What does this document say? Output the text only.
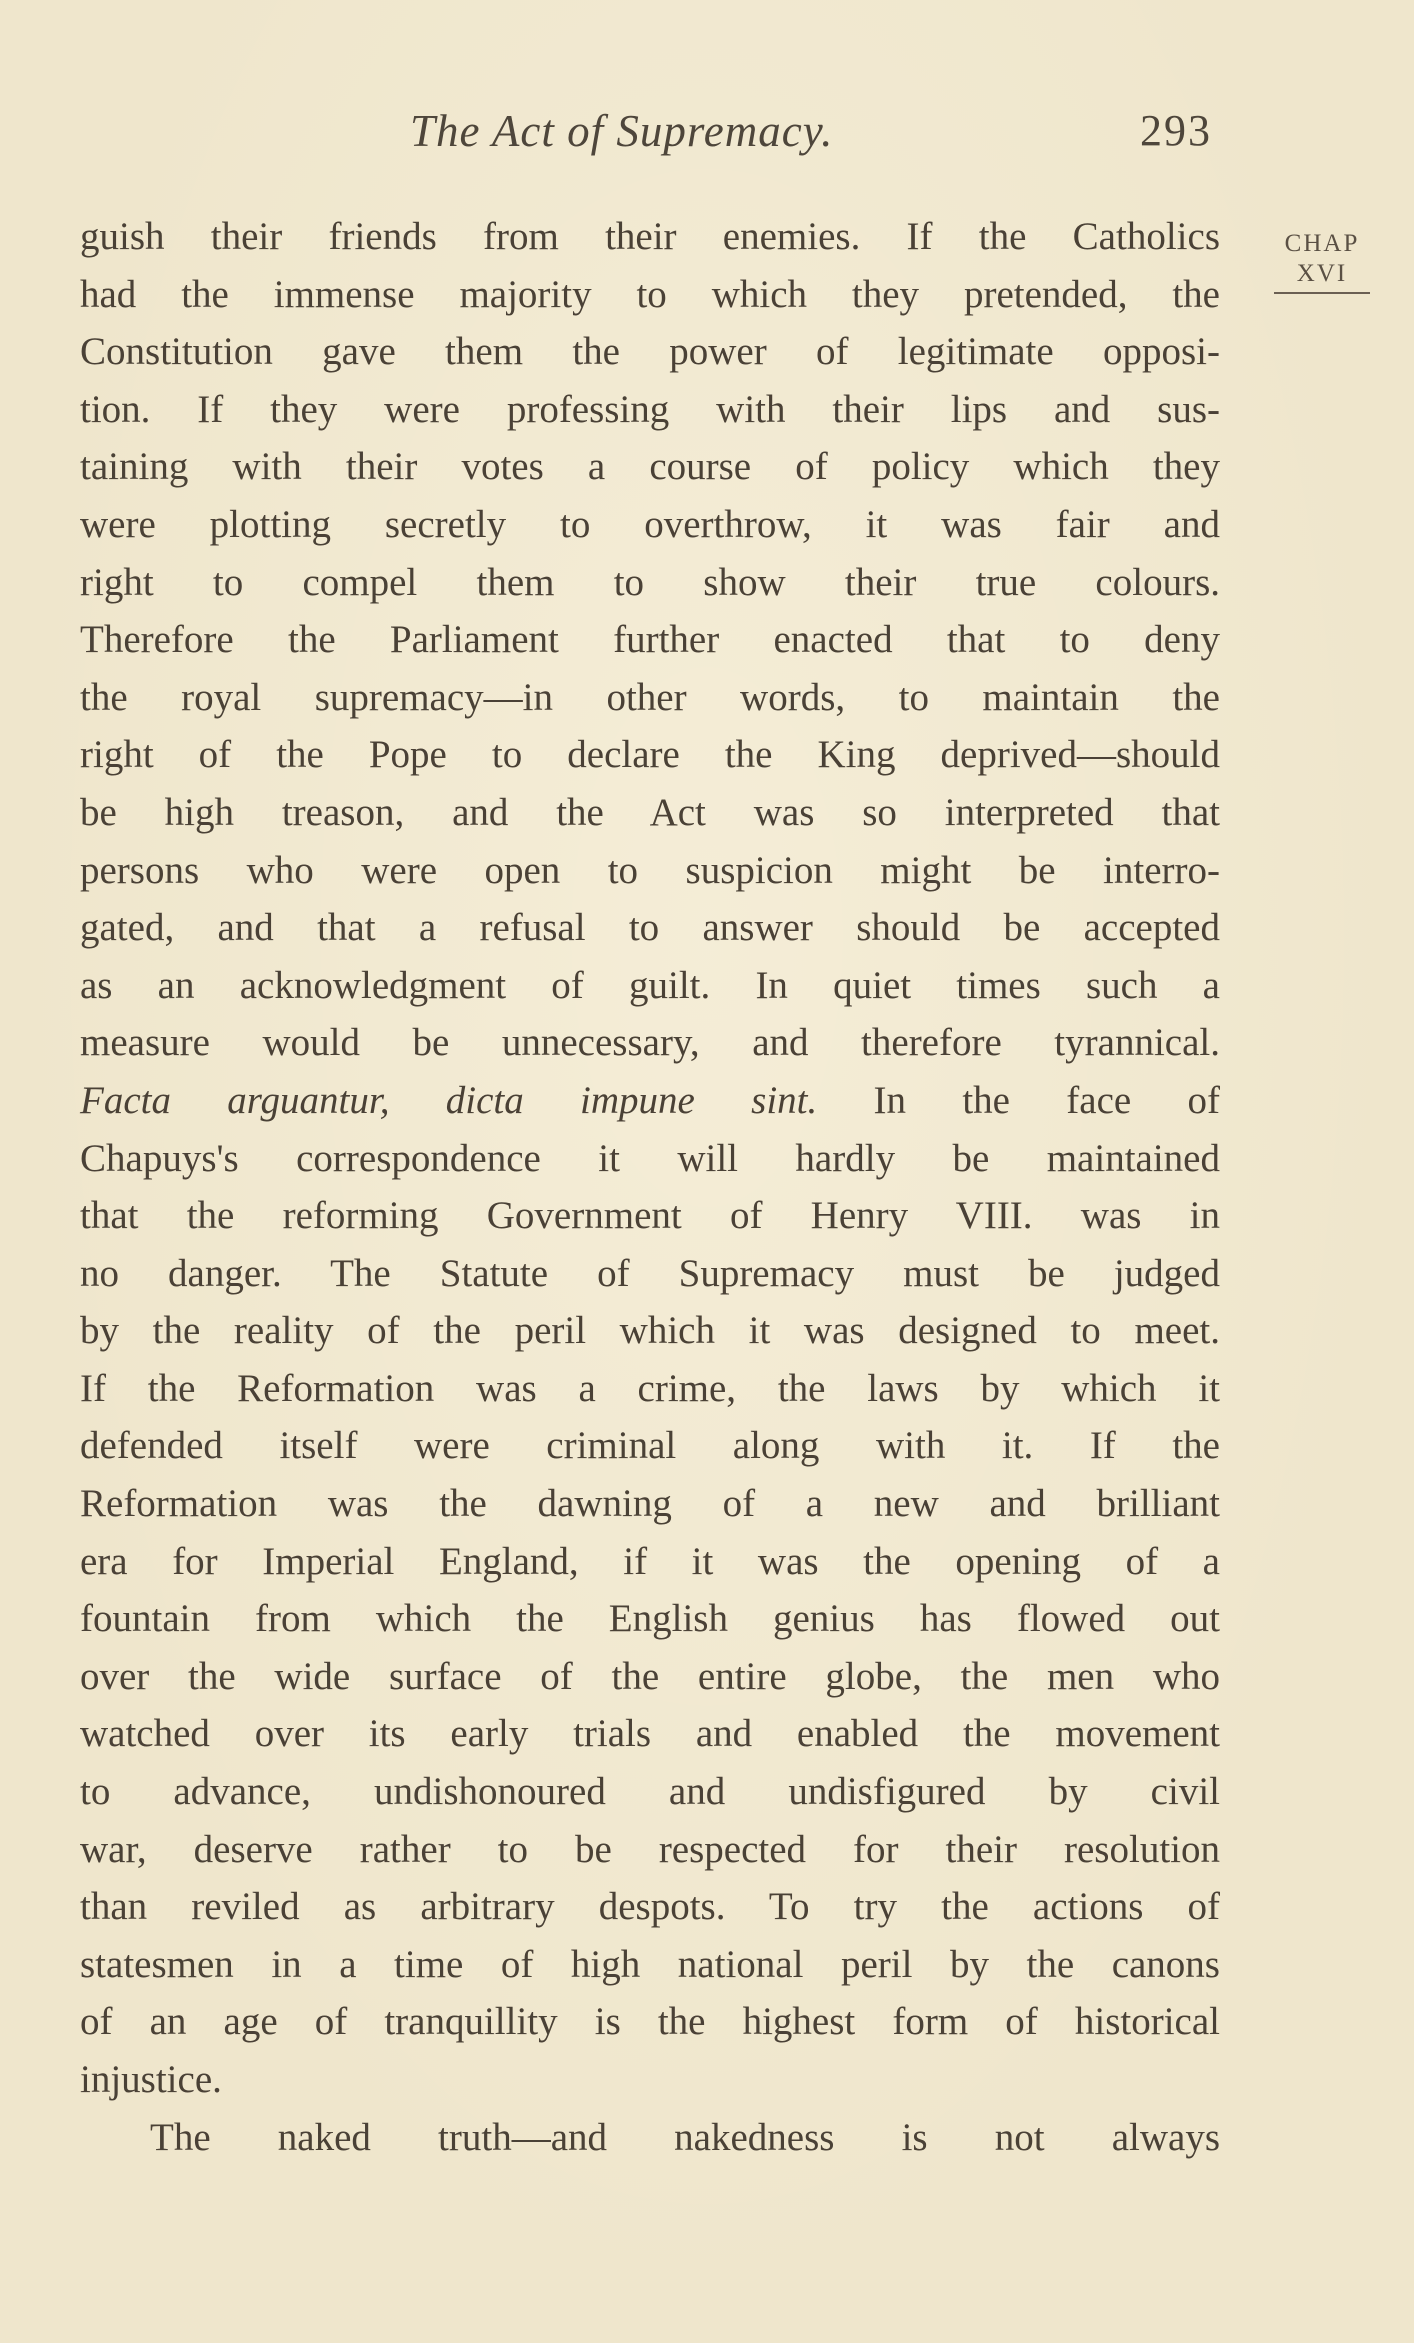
The Act of Supremacy.	293
CHAP
XVI
guish their friends from their enemies. If the Catholics
had the immense majority to which they pretended, the
Constitution gave them the power of legitimate opposi-
tion. If they were professing with their lips and sus-
taining with their votes a course of policy which they
were plotting secretly to overthrow, it was fair and
right to compel them to show their true colours.
Therefore the Parliament further enacted that to deny
the royal supremacy—in other words, to maintain the
right of the Pope to declare the King deprived—should
be high treason, and the Act was so interpreted that
persons who were open to suspicion might be interro-
gated, and that a refusal to answer should be accepted
as an acknowledgment of guilt. In quiet times such a
measure would be unnecessary, and therefore tyrannical.
Facta arguantur, dicta impune sint. In the face of
Chapuys's correspondence it will hardly be maintained
that the reforming Government of Henry VIII. was in
no danger. The Statute of Supremacy must be judged
by the reality of the peril which it was designed to meet.
If the Reformation was a crime, the laws by which it
defended itself were criminal along with it. If the
Reformation was the dawning of a new and brilliant
era for Imperial England, if it was the opening of a
fountain from which the English genius has flowed out
over the wide surface of the entire globe, the men who
watched over its early trials and enabled the movement
to advance, undishonoured and undisfigured by civil
war, deserve rather to be respected for their resolution
than reviled as arbitrary despots. To try the actions of
statesmen in a time of high national peril by the canons
of an age of tranquillity is the highest form of historical
injustice.
The naked truth—and nakedness is not always
